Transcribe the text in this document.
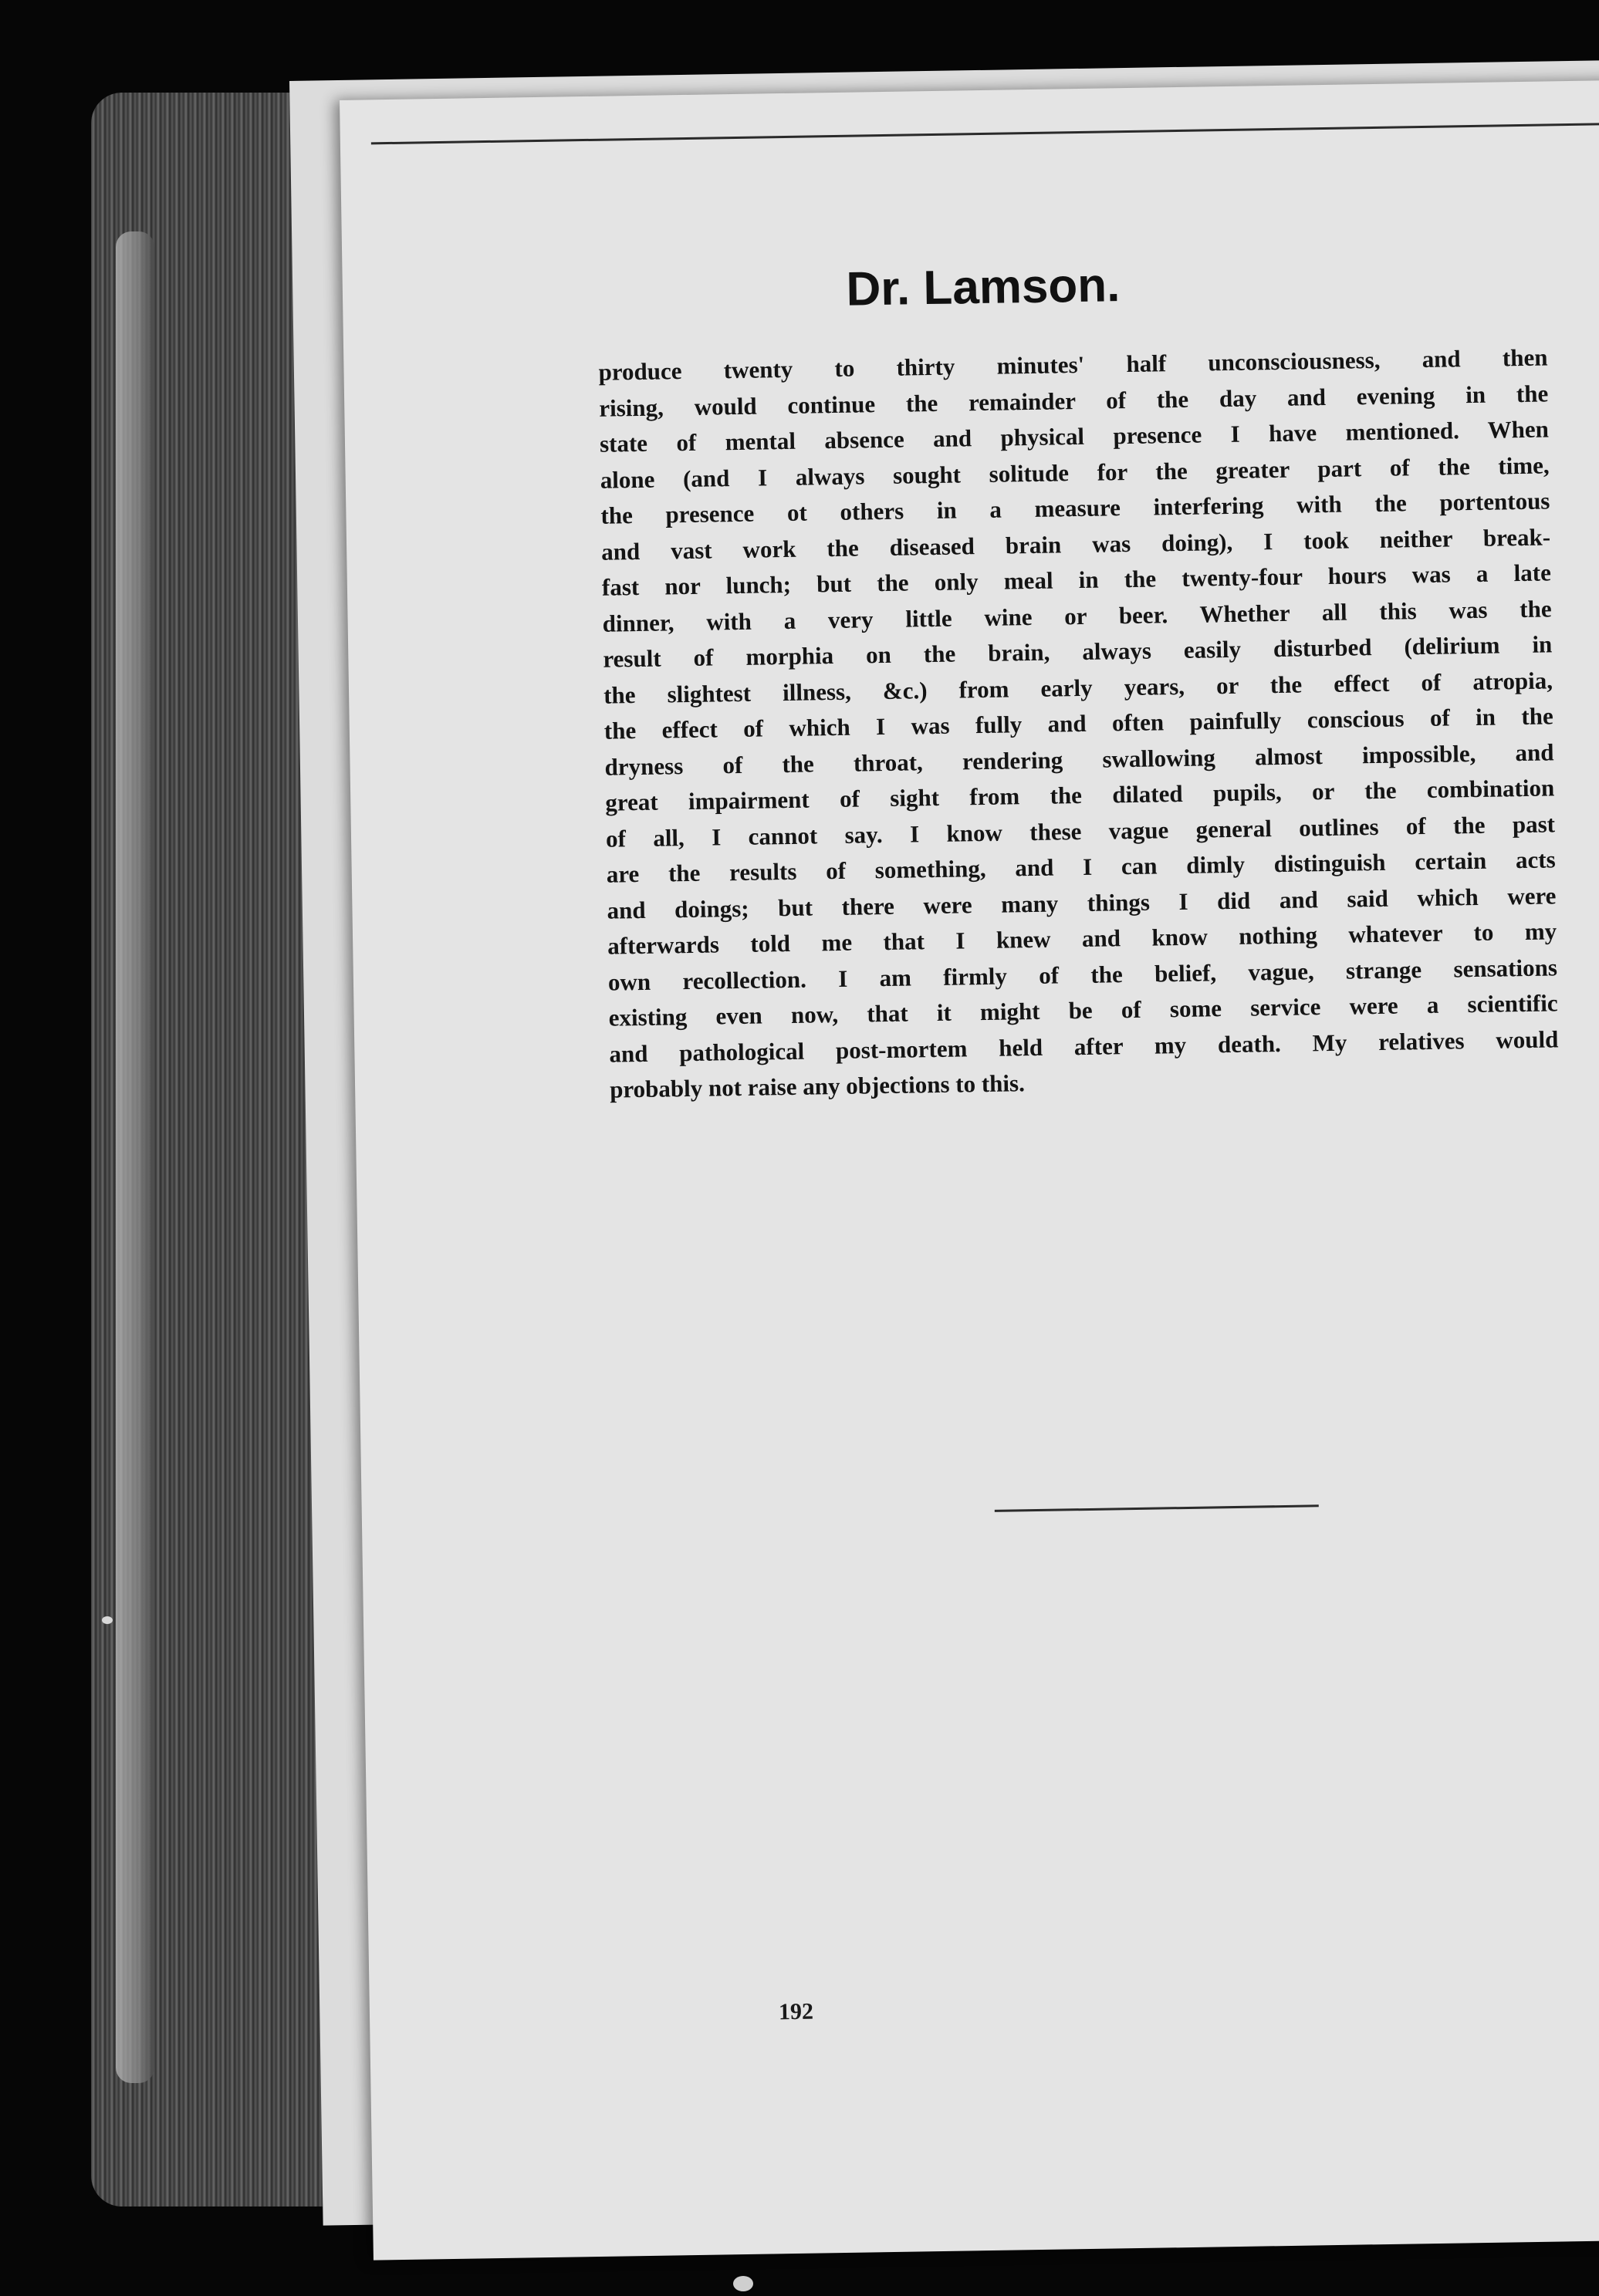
Dr. Lamson.
produce twenty to thirty minutes' half unconsciousness, and then
rising, would continue the remainder of the day and evening in the
state of mental absence and physical presence I have mentioned. When
alone (and I always sought solitude for the greater part of the time,
the presence ot others in a measure interfering with the portentous
and vast work the diseased brain was doing), I took neither break-
fast nor lunch; but the only meal in the twenty-four hours was a late
dinner, with a very little wine or beer. Whether all this was the
result of morphia on the brain, always easily disturbed (delirium in
the slightest illness, &c.) from early years, or the effect of atropia,
the effect of which I was fully and often painfully conscious of in the
dryness of the throat, rendering swallowing almost impossible, and
great impairment of sight from the dilated pupils, or the combination
of all, I cannot say. I know these vague general outlines of the past
are the results of something, and I can dimly distinguish certain acts
and doings; but there were many things I did and said which were
afterwards told me that I knew and know nothing whatever to my
own recollection. I am firmly of the belief, vague, strange sensations
existing even now, that it might be of some service were a scientific
and pathological post-mortem held after my death. My relatives would
probably not raise any objections to this.
192
